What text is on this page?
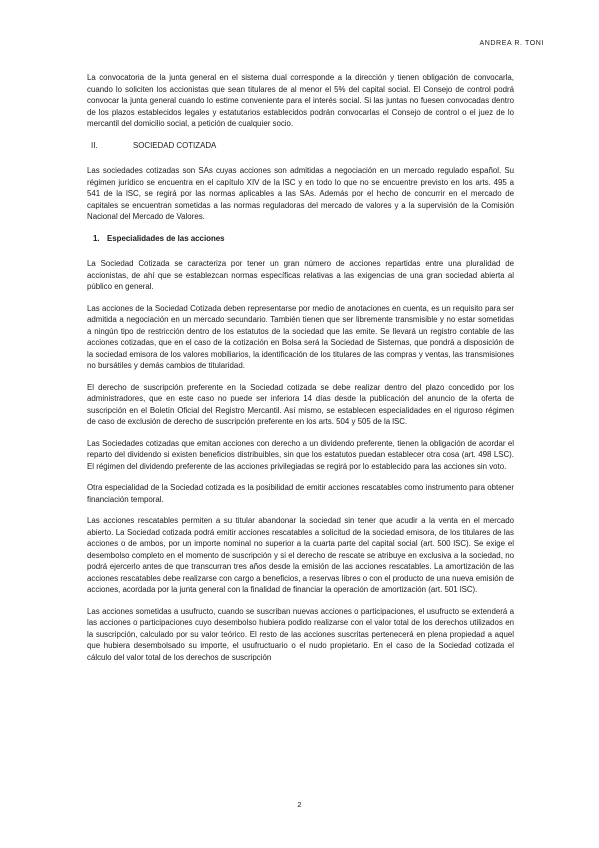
ANDREA R. TONI

La convocatoria de la junta general en el sistema dual corresponde a la dirección y tienen obligación de convocarla, cuando lo soliciten los accionistas que sean titulares de al menor el 5% del capital social. El Consejo de control podrá convocar la junta general cuando lo estime conveniente para el interés social. Si las juntas no fuesen convocadas dentro de los plazos establecidos legales y estatutarios establecidos podrán convocarlas el Consejo de control o el juez de lo mercantil del domicilio social, a petición de cualquier socio.

II.	SOCIEDAD COTIZADA

Las sociedades cotizadas son SAs cuyas acciones son admitidas a negociación en un mercado regulado español. Su régimen jurídico se encuentra en el capítulo XIV de la lSC y en todo lo que no se encuentre previsto en los arts. 495 a 541 de la lSC, se regirá por las normas aplicables a las SAs. Además por el hecho de concurrir en el mercado de capitales se encuentran sometidas a las normas reguladoras del mercado de valores y a la supervisión de la Comisión Nacional del Mercado de Valores.

1. Especialidades de las acciones

La Sociedad Cotizada se caracteriza por tener un gran número de acciones repartidas entre una pluralidad de accionistas, de ahí que se establezcan normas específicas relativas a las exigencias de una gran sociedad abierta al público en general.

Las acciones de la Sociedad Cotizada deben representarse por medio de anotaciones en cuenta, es un requisito para ser admitida a negociación en un mercado secundario. También tienen que ser libremente transmisible y no estar sometidas a ningún tipo de restricción dentro de los estatutos de la sociedad que las emite. Se llevará un registro contable de las acciones cotizadas, que en el caso de la cotización en Bolsa será la Sociedad de Sistemas, que pondrá a disposición de la sociedad emisora de los valores mobiliarios, la identificación de los titulares de las compras y ventas, las transmisiones no bursátiles y demás cambios de titularidad.

El derecho de suscripción preferente en la Sociedad cotizada se debe realizar dentro del plazo concedido por los administradores, que en este caso no puede ser inferiora 14 días desde la publicación del anuncio de la oferta de suscripción en el Boletín Oficial del Registro Mercantil. Así mismo, se establecen especialidades en el riguroso régimen de caso de exclusión de derecho de suscripción preferente en los arts. 504 y 505 de la lSC.

Las Sociedades cotizadas que emitan acciones con derecho a un dividendo preferente, tienen la obligación de acordar el reparto del dividendo si existen beneficios distribuibles, sin que los estatutos puedan establecer otra cosa (art. 498 LSC). El régimen del dividendo preferente de las acciones privilegiadas se regirá por lo establecido para las acciones sin voto.

Otra especialidad de la Sociedad cotizada es la posibilidad de emitir acciones rescatables como instrumento para obtener financiación temporal.

Las acciones rescatables permiten a su titular abandonar la sociedad sin tener que acudir a la venta en el mercado abierto. La Sociedad cotizada podrá emitir acciones rescatables a solicitud de la sociedad emisora, de los titulares de las acciones o de ambos, por un importe nominal no superior a la cuarta parte del capital social (art. 500 lSC). Se exige el desembolso completo en el momento de suscripción y si el derecho de rescate se atribuye en exclusiva a la sociedad, no podrá ejercerlo antes de que transcurran tres años desde la emisión de las acciones rescatables. La amortización de las acciones rescatables debe realizarse con cargo a beneficios, a reservas libres o con el producto de una nueva emisión de acciones, acordada por la junta general con la finalidad de financiar la operación de amortización (art. 501 lSC).

Las acciones sometidas a usufructo, cuando se suscriban nuevas acciones o participaciones, el usufructo se extenderá a las acciones o participaciones cuyo desembolso hubiera podido realizarse con el valor total de los derechos utilizados en la suscripción, calculado por su valor teórico. El resto de las acciones suscritas pertenecerá en plena propiedad a aquel que hubiera desembolsado su importe, el usufructuario o el nudo propietario. En el caso de la Sociedad cotizada el cálculo del valor total de los derechos de suscripción

2
